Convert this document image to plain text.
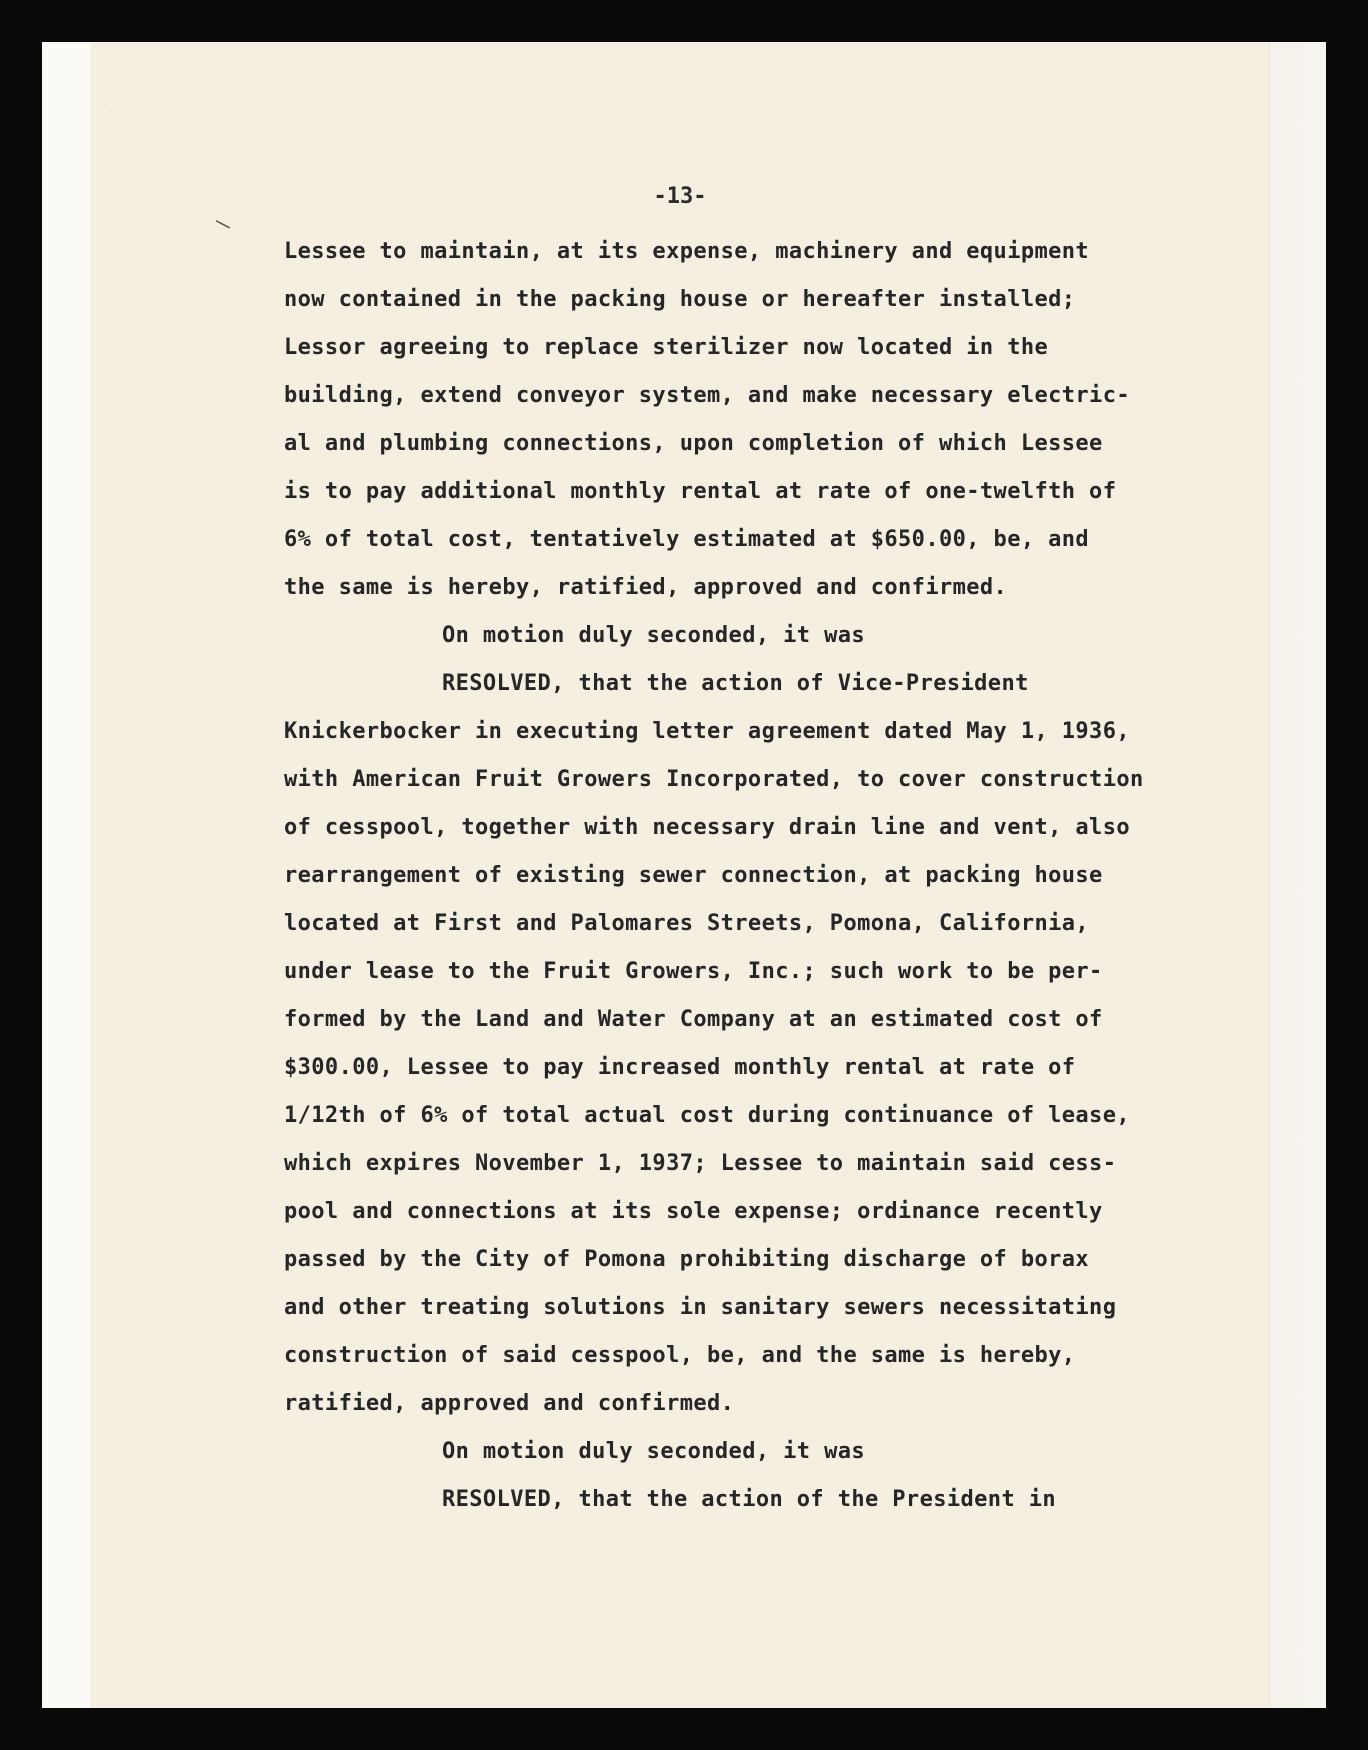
-13-
Lessee to maintain, at its expense, machinery and equipment
now contained in the packing house or hereafter installed;
Lessor agreeing to replace sterilizer now located in the
building, extend conveyor system, and make necessary electric-
al and plumbing connections, upon completion of which Lessee
is to pay additional monthly rental at rate of one-twelfth of
6% of total cost, tentatively estimated at $650.00, be, and
the same is hereby, ratified, approved and confirmed.
On motion duly seconded, it was
RESOLVED, that the action of Vice-President
Knickerbocker in executing letter agreement dated May 1, 1936,
with American Fruit Growers Incorporated, to cover construction
of cesspool, together with necessary drain line and vent, also
rearrangement of existing sewer connection, at packing house
located at First and Palomares Streets, Pomona, California,
under lease to the Fruit Growers, Inc.; such work to be per-
formed by the Land and Water Company at an estimated cost of
$300.00, Lessee to pay increased monthly rental at rate of
1/12th of 6% of total actual cost during continuance of lease,
which expires November 1, 1937; Lessee to maintain said cess-
pool and connections at its sole expense; ordinance recently
passed by the City of Pomona prohibiting discharge of borax
and other treating solutions in sanitary sewers necessitating
construction of said cesspool, be, and the same is hereby,
ratified, approved and confirmed.
On motion duly seconded, it was
RESOLVED, that the action of the President in
\
·	·
